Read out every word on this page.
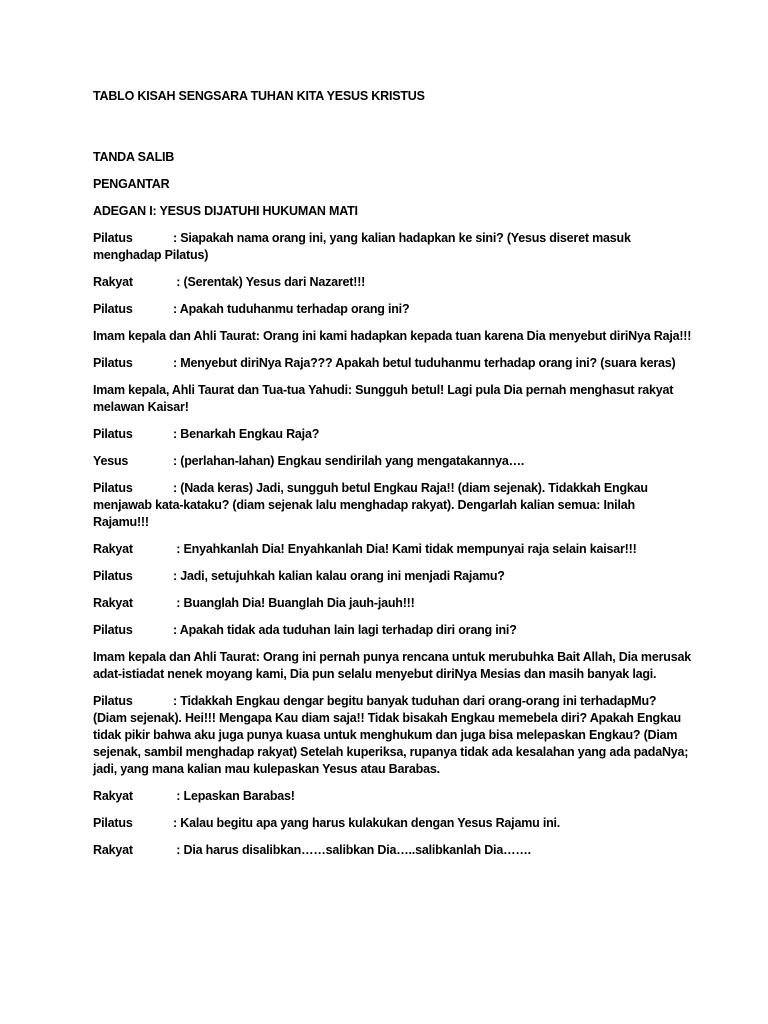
TABLO KISAH SENGSARA TUHAN KITA YESUS KRISTUS

TANDA SALIB

PENGANTAR

ADEGAN I: YESUS DIJATUHI HUKUMAN MATI

Pilatus	: Siapakah nama orang ini, yang kalian hadapkan ke sini? (Yesus diseret masuk menghadap Pilatus)

Rakyat	: (Serentak) Yesus dari Nazaret!!!

Pilatus	: Apakah tuduhanmu terhadap orang ini?

Imam kepala dan Ahli Taurat: Orang ini kami hadapkan kepada tuan karena Dia menyebut diriNya Raja!!!

Pilatus	: Menyebut diriNya Raja??? Apakah betul tuduhanmu terhadap orang ini? (suara keras)

Imam kepala, Ahli Taurat dan Tua-tua Yahudi: Sungguh betul! Lagi pula Dia pernah menghasut rakyat melawan Kaisar!

Pilatus	: Benarkah Engkau Raja?

Yesus	: (perlahan-lahan) Engkau sendirilah yang mengatakannya….

Pilatus	: (Nada keras) Jadi, sungguh betul Engkau Raja!! (diam sejenak). Tidakkah Engkau menjawab kata-kataku? (diam sejenak lalu menghadap rakyat). Dengarlah kalian semua: Inilah Rajamu!!!

Rakyat	: Enyahkanlah Dia! Enyahkanlah Dia! Kami tidak mempunyai raja selain kaisar!!!

Pilatus	: Jadi, setujuhkah kalian kalau orang ini menjadi Rajamu?

Rakyat	: Buanglah Dia! Buanglah Dia jauh-jauh!!!

Pilatus	: Apakah tidak ada tuduhan lain lagi terhadap diri orang ini?

Imam kepala dan Ahli Taurat: Orang ini pernah punya rencana untuk merubuhka Bait Allah, Dia merusak adat-istiadat nenek moyang kami, Dia pun selalu menyebut diriNya Mesias dan masih banyak lagi.

Pilatus	: Tidakkah Engkau dengar begitu banyak tuduhan dari orang-orang ini terhadapMu? (Diam sejenak). Hei!!! Mengapa Kau diam saja!! Tidak bisakah Engkau memebela diri? Apakah Engkau tidak pikir bahwa aku juga punya kuasa untuk menghukum dan juga bisa melepaskan Engkau? (Diam sejenak, sambil menghadap rakyat) Setelah kuperiksa, rupanya tidak ada kesalahan yang ada padaNya; jadi, yang mana kalian mau kulepaskan Yesus atau Barabas.

Rakyat	: Lepaskan Barabas!

Pilatus	: Kalau begitu apa yang harus kulakukan dengan Yesus Rajamu ini.

Rakyat	: Dia harus disalibkan……salibkan Dia…..salibkanlah Dia…….
